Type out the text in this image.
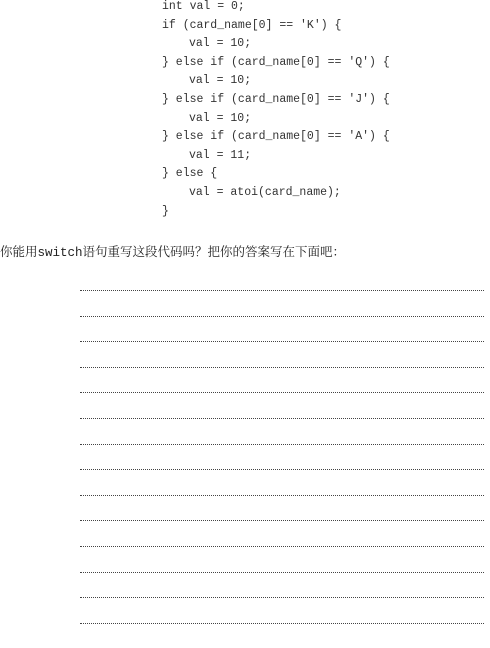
int val = 0;
if (card_name[0] == 'K') {
val = 10;
} else if (card_name[0] == 'Q') {
val = 10;
} else if (card_name[0] == 'J') {
val = 10;
} else if (card_name[0] == 'A') {
val = 11;
} else {
val = atoi(card_name);
}
你能用switch语句重写这段代码吗？把你的答案写在下面吧：
